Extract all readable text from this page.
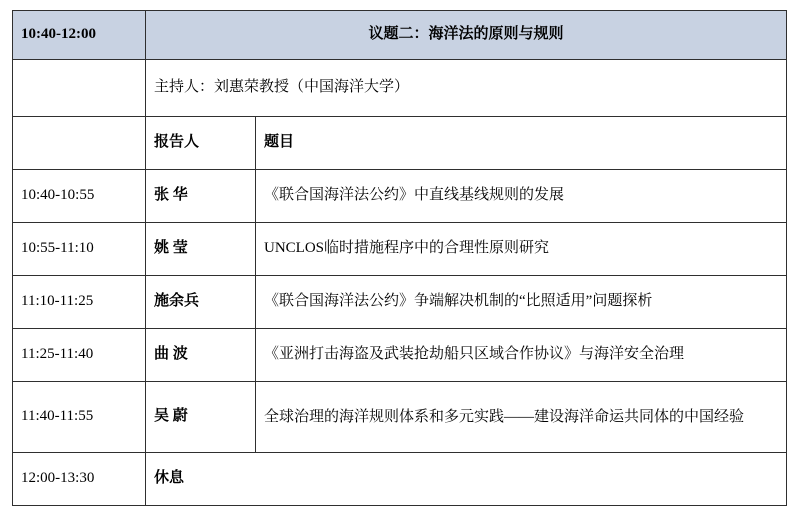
10:40-12:00	议题二：海洋法的原则与规则	
	主持人：刘惠荣教授（中国海洋大学）	
	报告人	题目
10:40-10:55	张 华	《联合国海洋法公约》中直线基线规则的发展
10:55-11:10	姚 莹	UNCLOS临时措施程序中的合理性原则研究
11:10-11:25	施余兵	《联合国海洋法公约》争端解决机制的“比照适用”问题探析
11:25-11:40	曲 波	《亚洲打击海盗及武装抢劫船只区域合作协议》与海洋安全治理
11:40-11:55	吴 蔚	全球治理的海洋规则体系和多元实践——建设海洋命运共同体的中国经验
12:00-13:30	休息	
